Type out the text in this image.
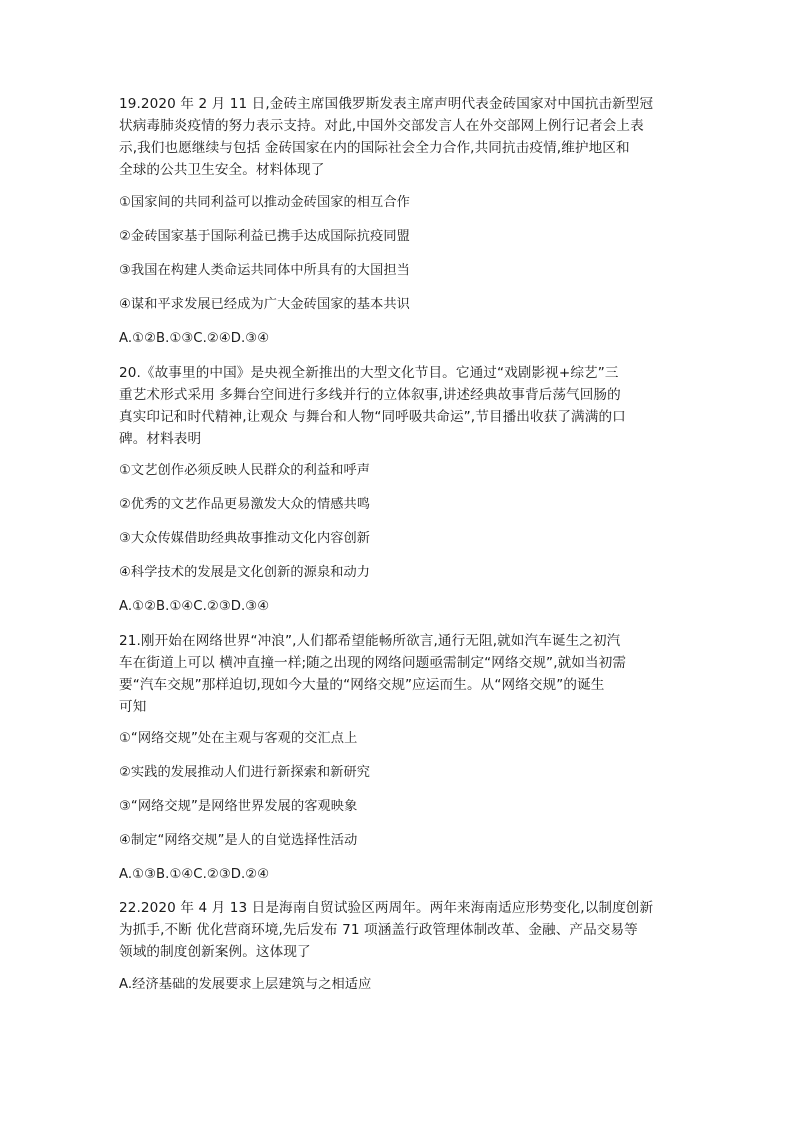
19.2020 年 2 月 11 日,金砖主席国俄罗斯发表主席声明代表金砖国家对中国抗击新型冠
状病毒肺炎疫情的努力表示支持。对此,中国外交部发言人在外交部网上例行记者会上表
示,我们也愿继续与包括 金砖国家在内的国际社会全力合作,共同抗击疫情,维护地区和
全球的公共卫生安全。材料体现了
①国家间的共同利益可以推动金砖国家的相互合作
②金砖国家基于国际利益已携手达成国际抗疫同盟
③我国在构建人类命运共同体中所具有的大国担当
④谋和平求发展已经成为广大金砖国家的基本共识
A.①②B.①③C.②④D.③④
20.《故事里的中国》是央视全新推出的大型文化节目。它通过“戏剧影视+综艺”三
重艺术形式采用 多舞台空间进行多线并行的立体叙事,讲述经典故事背后荡气回肠的
真实印记和时代精神,让观众 与舞台和人物“同呼吸共命运”,节目播出收获了满满的口
碑。材料表明
①文艺创作必须反映人民群众的利益和呼声
②优秀的文艺作品更易激发大众的情感共鸣
③大众传媒借助经典故事推动文化内容创新
④科学技术的发展是文化创新的源泉和动力
A.①②B.①④C.②③D.③④
21.刚开始在网络世界“冲浪”,人们都希望能畅所欲言,通行无阻,就如汽车诞生之初汽
车在街道上可以 横冲直撞一样;随之出现的网络问题亟需制定“网络交规”,就如当初需
要“汽车交规”那样迫切,现如今大量的“网络交规”应运而生。从“网络交规”的诞生
可知
①“网络交规”处在主观与客观的交汇点上
②实践的发展推动人们进行新探索和新研究
③“网络交规”是网络世界发展的客观映象
④制定“网络交规”是人的自觉选择性活动
A.①③B.①④C.②③D.②④
22.2020 年 4 月 13 日是海南自贸试验区两周年。两年来海南适应形势变化,以制度创新
为抓手,不断 优化营商环境,先后发布 71 项涵盖行政管理体制改革、金融、产品交易等
领域的制度创新案例。这体现了
A.经济基础的发展要求上层建筑与之相适应
